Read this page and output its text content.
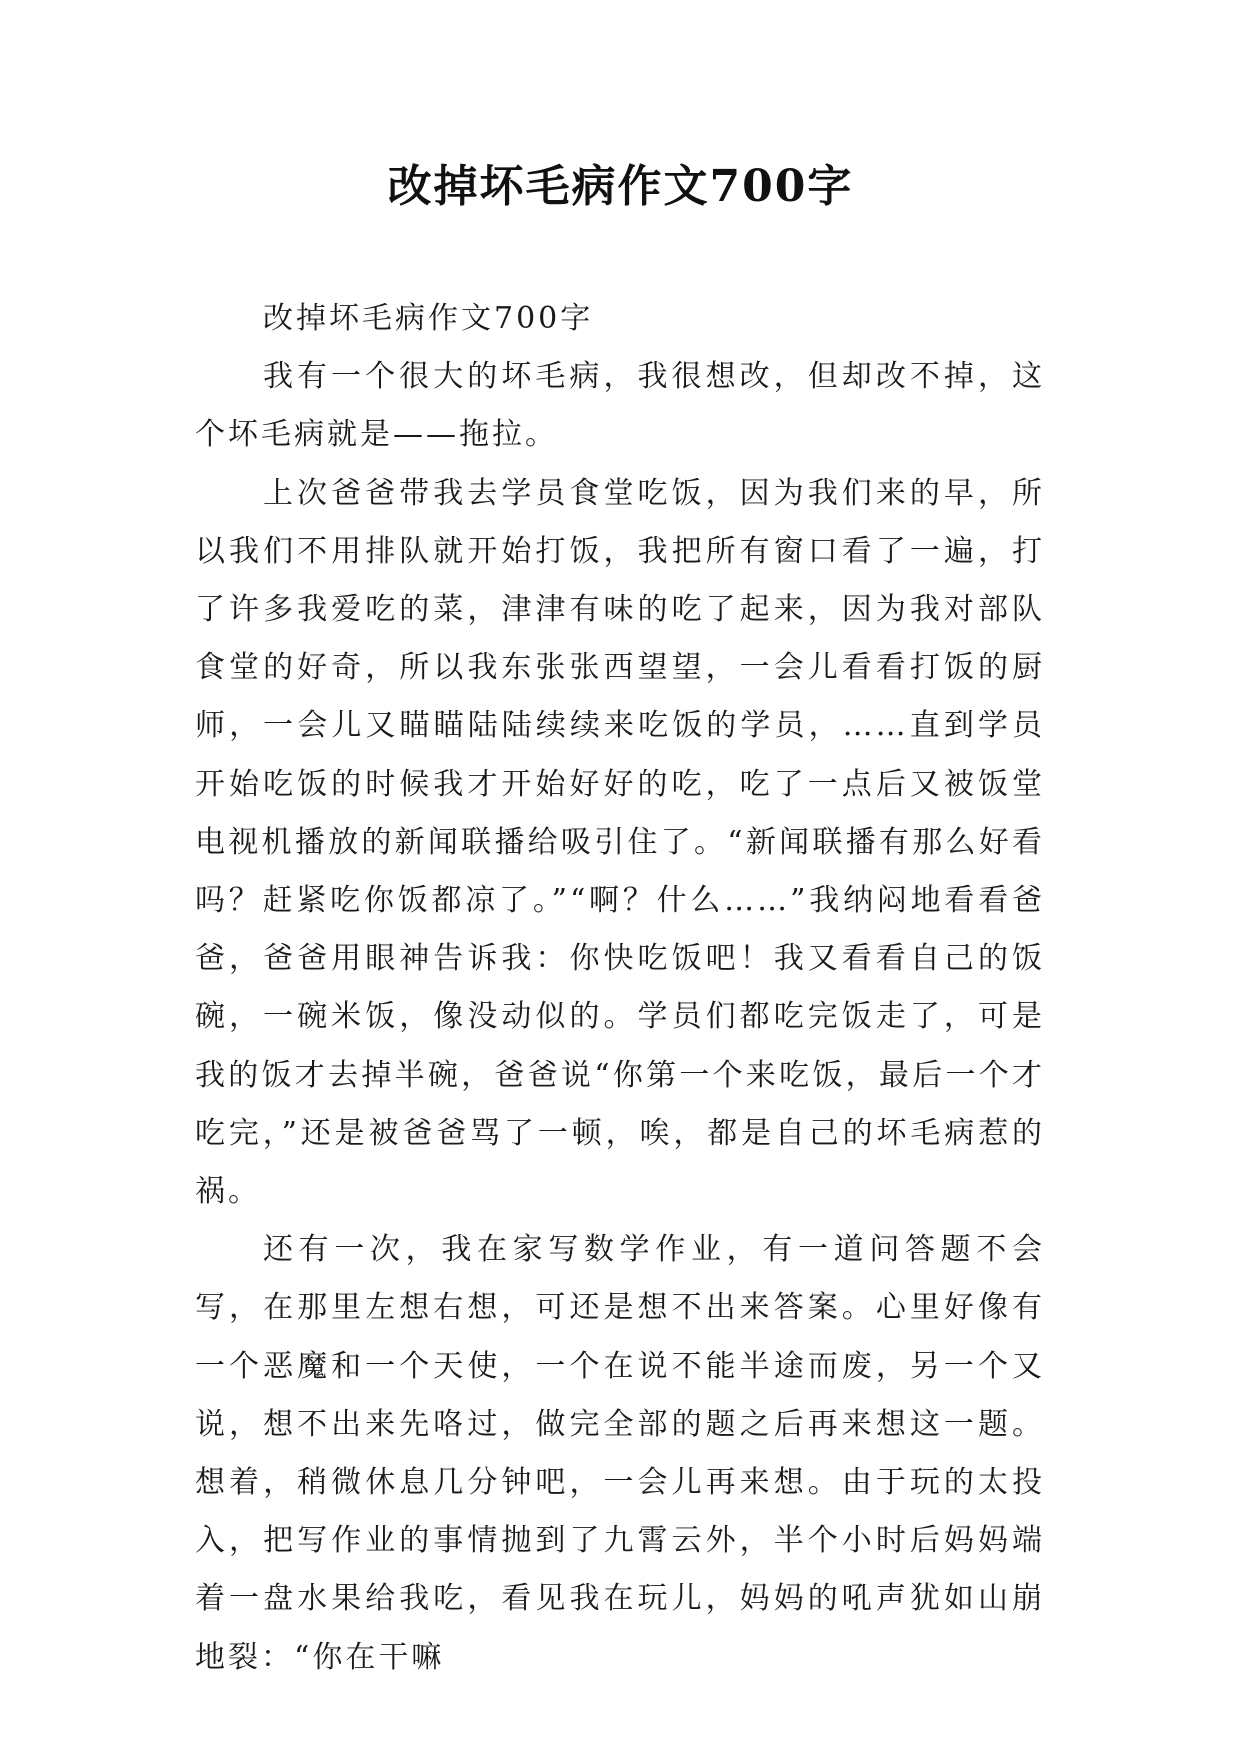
改掉坏毛病作文700字

改掉坏毛病作文700字

我有一个很大的坏毛病，我很想改，但却改不掉，这个坏毛病就是——拖拉。

上次爸爸带我去学员食堂吃饭，因为我们来的早，所以我们不用排队就开始打饭，我把所有窗口看了一遍，打了许多我爱吃的菜，津津有味的吃了起来，因为我对部队食堂的好奇，所以我东张张西望望，一会儿看看打饭的厨师，一会儿又瞄瞄陆陆续续来吃饭的学员，……直到学员开始吃饭的时候我才开始好好的吃，吃了一点后又被饭堂电视机播放的新闻联播给吸引住了。“新闻联播有那么好看吗？赶紧吃你饭都凉了。”“啊？什么……”我纳闷地看看爸爸，爸爸用眼神告诉我：你快吃饭吧！我又看看自己的饭碗，一碗米饭，像没动似的。学员们都吃完饭走了，可是我的饭才去掉半碗，爸爸说“你第一个来吃饭，最后一个才吃完，”还是被爸爸骂了一顿，唉，都是自己的坏毛病惹的祸。

还有一次，我在家写数学作业，有一道问答题不会写，在那里左想右想，可还是想不出来答案。心里好像有一个恶魔和一个天使，一个在说不能半途而废，另一个又说，想不出来先咯过，做完全部的题之后再来想这一题。想着，稍微休息几分钟吧，一会儿再来想。由于玩的太投入，把写作业的事情抛到了九霄云外，半个小时后妈妈端着一盘水果给我吃，看见我在玩儿，妈妈的吼声犹如山崩地裂：“你在干嘛
